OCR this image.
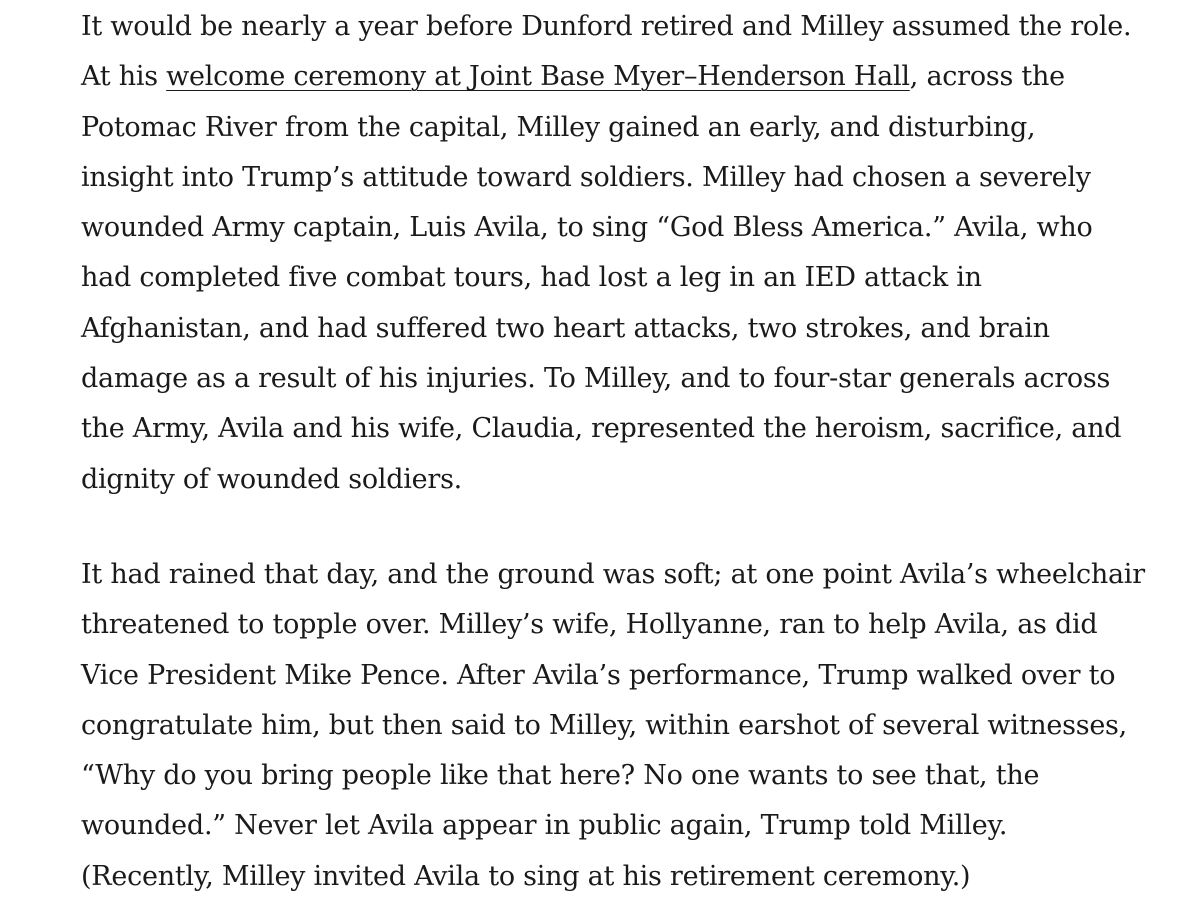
It would be nearly a year before Dunford retired and Milley assumed the role.
At his welcome ceremony at Joint Base Myer–Henderson Hall, across the
Potomac River from the capital, Milley gained an early, and disturbing,
insight into Trump’s attitude toward soldiers. Milley had chosen a severely
wounded Army captain, Luis Avila, to sing “God Bless America.” Avila, who
had completed five combat tours, had lost a leg in an IED attack in
Afghanistan, and had suffered two heart attacks, two strokes, and brain
damage as a result of his injuries. To Milley, and to four-star generals across
the Army, Avila and his wife, Claudia, represented the heroism, sacrifice, and
dignity of wounded soldiers.

It had rained that day, and the ground was soft; at one point Avila’s wheelchair
threatened to topple over. Milley’s wife, Hollyanne, ran to help Avila, as did
Vice President Mike Pence. After Avila’s performance, Trump walked over to
congratulate him, but then said to Milley, within earshot of several witnesses,
“Why do you bring people like that here? No one wants to see that, the
wounded.” Never let Avila appear in public again, Trump told Milley.
(Recently, Milley invited Avila to sing at his retirement ceremony.)
